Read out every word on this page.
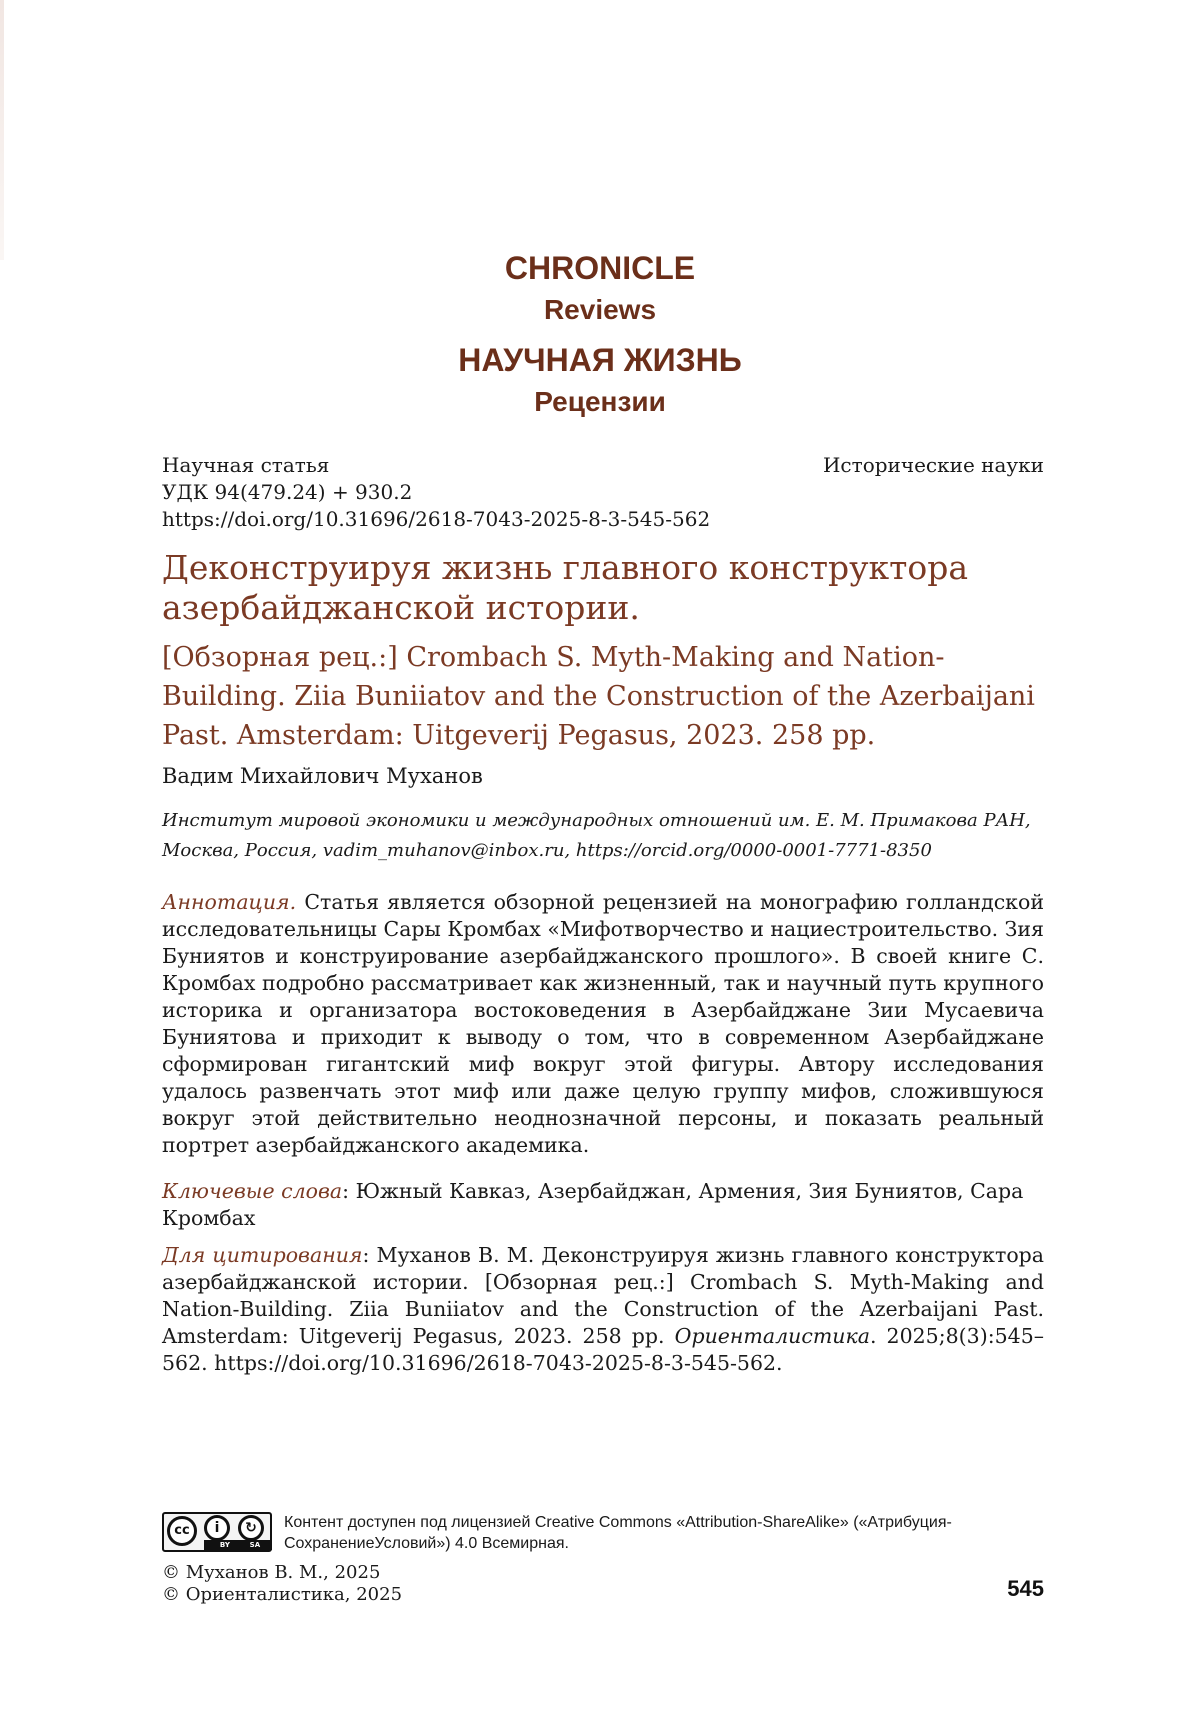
CHRONICLE
Reviews
НАУЧНАЯ ЖИЗНЬ
Рецензии
Научная статья
УДК 94(479.24) + 930.2
https://doi.org/10.31696/2618-7043-2025-8-3-545-562
Исторические науки
Деконструируя жизнь главного конструктора азербайджанской истории.
[Обзорная рец.:] Crombach S. Myth-Making and Nation-Building. Ziia Buniiatov and the Construction of the Azerbaijani Past. Amsterdam: Uitgeverij Pegasus, 2023. 258 pp.
Вадим Михайлович Муханов
Институт мировой экономики и международных отношений им. Е. М. Примакова РАН, Москва, Россия, vadim_muhanov@inbox.ru, https://orcid.org/0000-0001-7771-8350
Аннотация. Статья является обзорной рецензией на монографию голландской исследовательницы Сары Кромбах «Мифотворчество и нациестроительство. Зия Буниятов и конструирование азербайджанского прошлого». В своей книге С. Кромбах подробно рассматривает как жизненный, так и научный путь крупного историка и организатора востоковедения в Азербайджане Зии Мусаевича Буниятова и приходит к выводу о том, что в современном Азербайджане сформирован гигантский миф вокруг этой фигуры. Автору исследования удалось развенчать этот миф или даже целую группу мифов, сложившуюся вокруг этой действительно неоднозначной персоны, и показать реальный портрет азербайджанского академика.
Ключевые слова: Южный Кавказ, Азербайджан, Армения, Зия Буниятов, Сара Кромбах
Для цитирования: Муханов В. М. Деконструируя жизнь главного конструктора азербайджанской истории. [Обзорная рец.:] Crombach S. Myth-Making and Nation-Building. Ziia Buniiatov and the Construction of the Azerbaijani Past. Amsterdam: Uitgeverij Pegasus, 2023. 258 pp. Ориенталистика. 2025;8(3):545–562. https://doi.org/10.31696/2618-7043-2025-8-3-545-562.
cc	i	↻
BY	SA
Контент доступен под лицензией Creative Commons «Attribution-ShareAlike» («Атрибуция-СохранениеУсловий») 4.0 Всемирная.
© Муханов В. М., 2025
© Ориенталистика, 2025	545
